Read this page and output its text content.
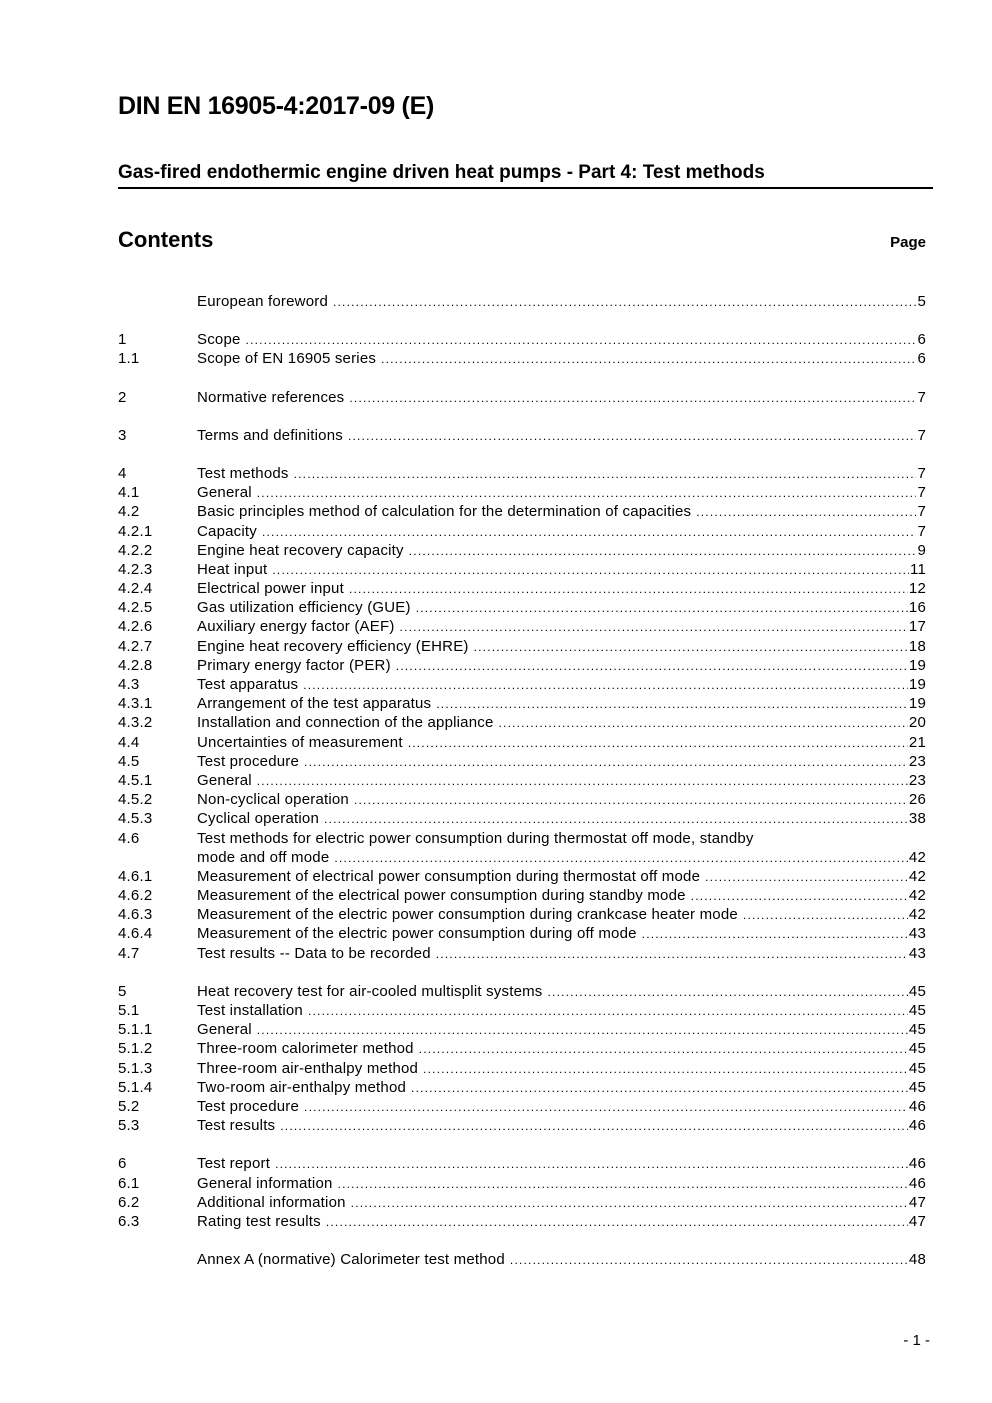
DIN EN 16905-4:2017-09 (E)
Gas-fired endothermic engine driven heat pumps - Part 4: Test methods
Contents	Page
European foreword .....	5
1	Scope .....	6
1.1	Scope of EN 16905 series .....	6
2	Normative references .....	7
3	Terms and definitions .....	7
4	Test methods .....	7
4.1	General .....	7
4.2	Basic principles method of calculation for the determination of capacities .....	7
4.2.1	Capacity .....	7
4.2.2	Engine heat recovery capacity .....	9
4.2.3	Heat input .....	11
4.2.4	Electrical power input .....	12
4.2.5	Gas utilization efficiency (GUE) .....	16
4.2.6	Auxiliary energy factor (AEF) .....	17
4.2.7	Engine heat recovery efficiency (EHRE) .....	18
4.2.8	Primary energy factor (PER) .....	19
4.3	Test apparatus .....	19
4.3.1	Arrangement of the test apparatus .....	19
4.3.2	Installation and connection of the appliance .....	20
4.4	Uncertainties of measurement .....	21
4.5	Test procedure .....	23
4.5.1	General .....	23
4.5.2	Non-cyclical operation .....	26
4.5.3	Cyclical operation .....	38
4.6	Test methods for electric power consumption during thermostat off mode, standby
mode and off mode .....	42
4.6.1	Measurement of electrical power consumption during thermostat off mode .....	42
4.6.2	Measurement of the electrical power consumption during standby mode .....	42
4.6.3	Measurement of the electric power consumption during crankcase heater mode .....	42
4.6.4	Measurement of the electric power consumption during off mode .....	43
4.7	Test results -- Data to be recorded .....	43
5	Heat recovery test for air-cooled multisplit systems .....	45
5.1	Test installation .....	45
5.1.1	General .....	45
5.1.2	Three-room calorimeter method .....	45
5.1.3	Three-room air-enthalpy method .....	45
5.1.4	Two-room air-enthalpy method .....	45
5.2	Test procedure .....	46
5.3	Test results .....	46
6	Test report .....	46
6.1	General information .....	46
6.2	Additional information .....	47
6.3	Rating test results .....	47
Annex A (normative) Calorimeter test method .....	48
- 1 -
